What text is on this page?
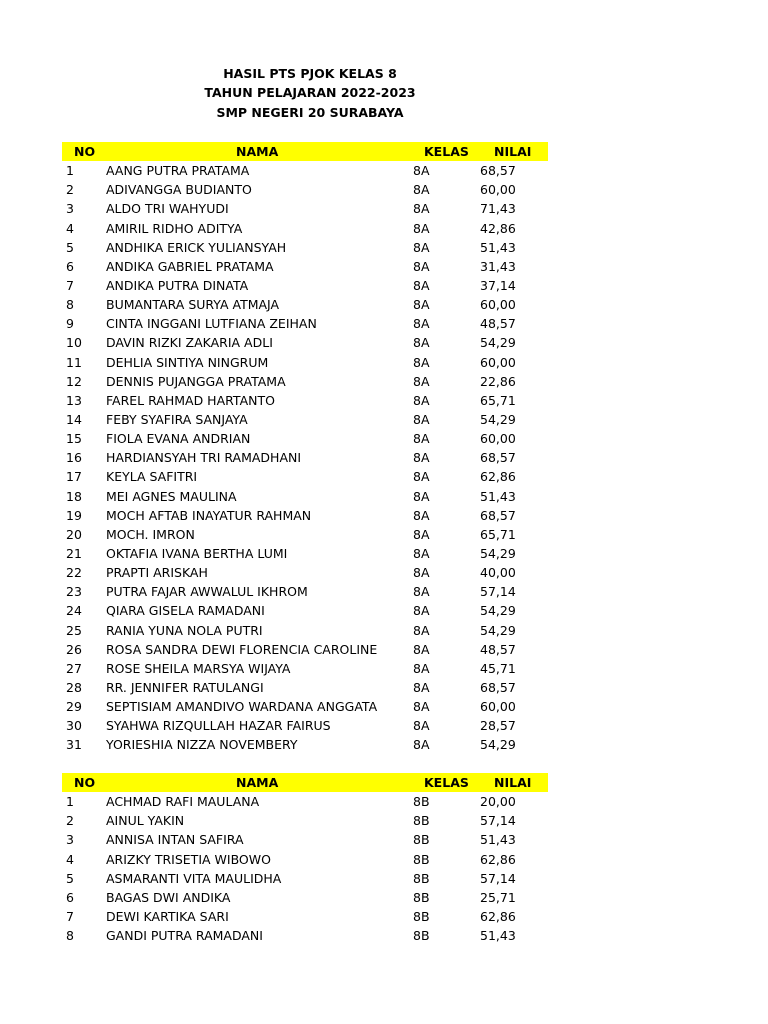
HASIL PTS PJOK KELAS 8
TAHUN PELAJARAN 2022-2023
SMP NEGERI 20 SURABAYA
NO	NAMA	KELAS NILAI
1	AANG PUTRA PRATAMA	8A	68,57
2	ADIVANGGA BUDIANTO	8A	60,00
3	ALDO TRI WAHYUDI	8A	71,43
4	AMIRIL RIDHO ADITYA	8A	42,86
5	ANDHIKA ERICK YULIANSYAH	8A	51,43
6	ANDIKA GABRIEL PRATAMA	8A	31,43
7	ANDIKA PUTRA DINATA	8A	37,14
8	BUMANTARA SURYA ATMAJA	8A	60,00
9	CINTA INGGANI LUTFIANA ZEIHAN	8A	48,57
10 DAVIN RIZKI ZAKARIA ADLI	8A	54,29
11 DEHLIA SINTIYA NINGRUM	8A	60,00
12 DENNIS PUJANGGA PRATAMA	8A	22,86
13 FAREL RAHMAD HARTANTO	8A	65,71
14 FEBY SYAFIRA SANJAYA	8A	54,29
15 FIOLA EVANA ANDRIAN	8A	60,00
16 HARDIANSYAH TRI RAMADHANI	8A	68,57
17 KEYLA SAFITRI	8A	62,86
18 MEI AGNES MAULINA	8A	51,43
19 MOCH AFTAB INAYATUR RAHMAN	8A	68,57
20 MOCH. IMRON	8A	65,71
21 OKTAFIA IVANA BERTHA LUMI	8A	54,29
22 PRAPTI ARISKAH	8A	40,00
23 PUTRA FAJAR AWWALUL IKHROM	8A	57,14
24 QIARA GISELA RAMADANI	8A	54,29
25 RANIA YUNA NOLA PUTRI	8A	54,29
26 ROSA SANDRA DEWI FLORENCIA CAROLINE	8A	48,57
27 ROSE SHEILA MARSYA WIJAYA	8A	45,71
28 RR. JENNIFER RATULANGI	8A	68,57
29 SEPTISIAM AMANDIVO WARDANA ANGGATA	8A	60,00
30 SYAHWA RIZQULLAH HAZAR FAIRUS	8A	28,57
31 YORIESHIA NIZZA NOVEMBERY	8A	54,29
NO	NAMA	KELAS NILAI
1	ACHMAD RAFI MAULANA	8B	20,00
2	AINUL YAKIN	8B	57,14
3	ANNISA INTAN SAFIRA	8B	51,43
4	ARIZKY TRISETIA WIBOWO	8B	62,86
5	ASMARANTI VITA MAULIDHA	8B	57,14
6	BAGAS DWI ANDIKA	8B	25,71
7	DEWI KARTIKA SARI	8B	62,86
8	GANDI PUTRA RAMADANI	8B	51,43
